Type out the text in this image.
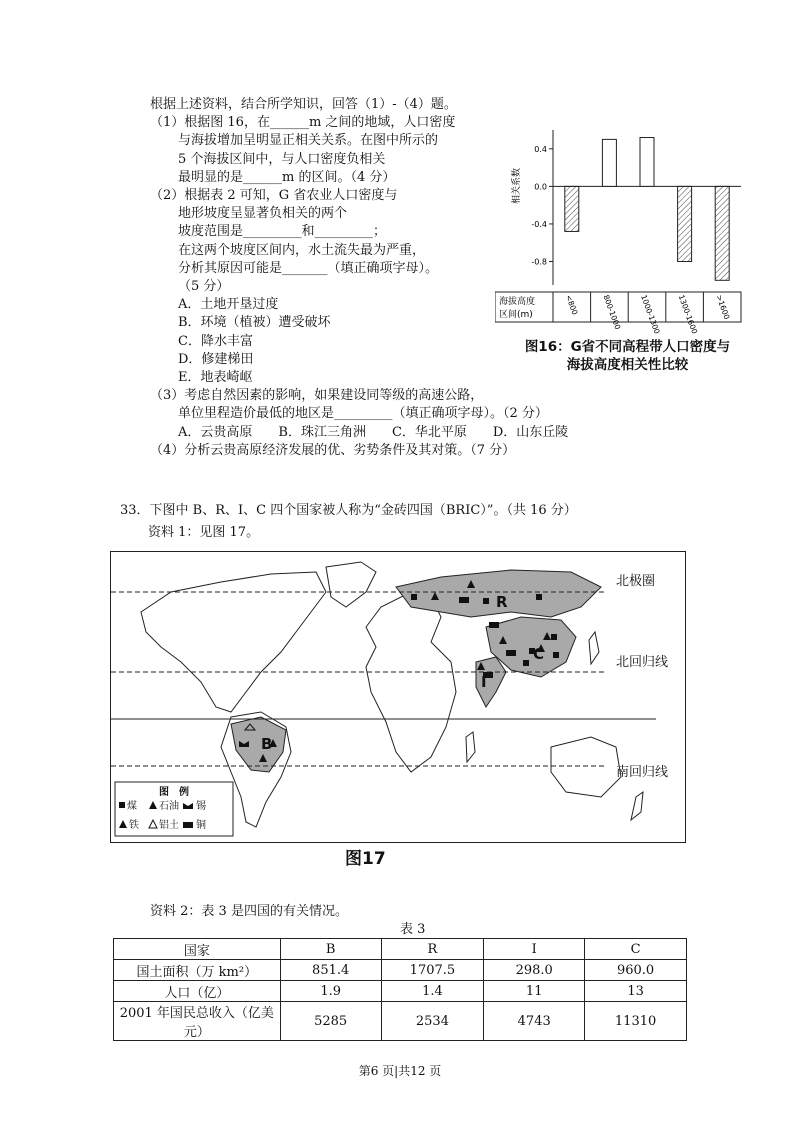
根据上述资料，结合所学知识，回答（1）-（4）题。

（1）根据图 16，在______m 之间的地域，人口密度

与海拔增加呈明显正相关关系。在图中所示的

5 个海拔区间中，与人口密度负相关

最明显的是______m 的区间。（4 分）

（2）根据表 2 可知，G 省农业人口密度与

地形坡度呈显著负相关的两个

坡度范围是_________和_________；

在这两个坡度区间内，水土流失最为严重，

分析其原因可能是_______（填正确项字母）。

（5 分）

A．土地开垦过度

B．环境（植被）遭受破坏

C．降水丰富

D．修建梯田

E．地表崎岖

（3）考虑自然因素的影响，如果建设同等级的高速公路，

单位里程造价最低的地区是_________（填正确项字母）。（2 分）

A．云贵高原　　B．珠江三角洲　　C．华北平原　　D．山东丘陵

（4）分析云贵高原经济发展的优、劣势条件及其对策。（7 分）

0.4
0.0
-0.4
-0.8
相关系数
海拔高度
区间(m)	<800	800-1000 1000-1300 1300-1600 >1600
图16：G省不同高程带人口密度与
海拔高度相关性比较

33．下图中 B、R、I、C 四个国家被人称为“金砖四国（BRIC）”。（共 16 分）

资料 1：见图 17。

R
C
I
B
北极圈
北回归线
南回归线
图　例
煤 石油 锡
铁 铝土 铜
图17
资料 2：表 3 是四国的有关情况。
表 3
国家	B	R	I	C
国土面积（万 km²）	851.4	1707.5	298.0	960.0
人口（亿）	1.9	1.4	11	13
2001 年国民总收入（亿美元）	5285	2534	4743	11310
第6 页|共12 页
